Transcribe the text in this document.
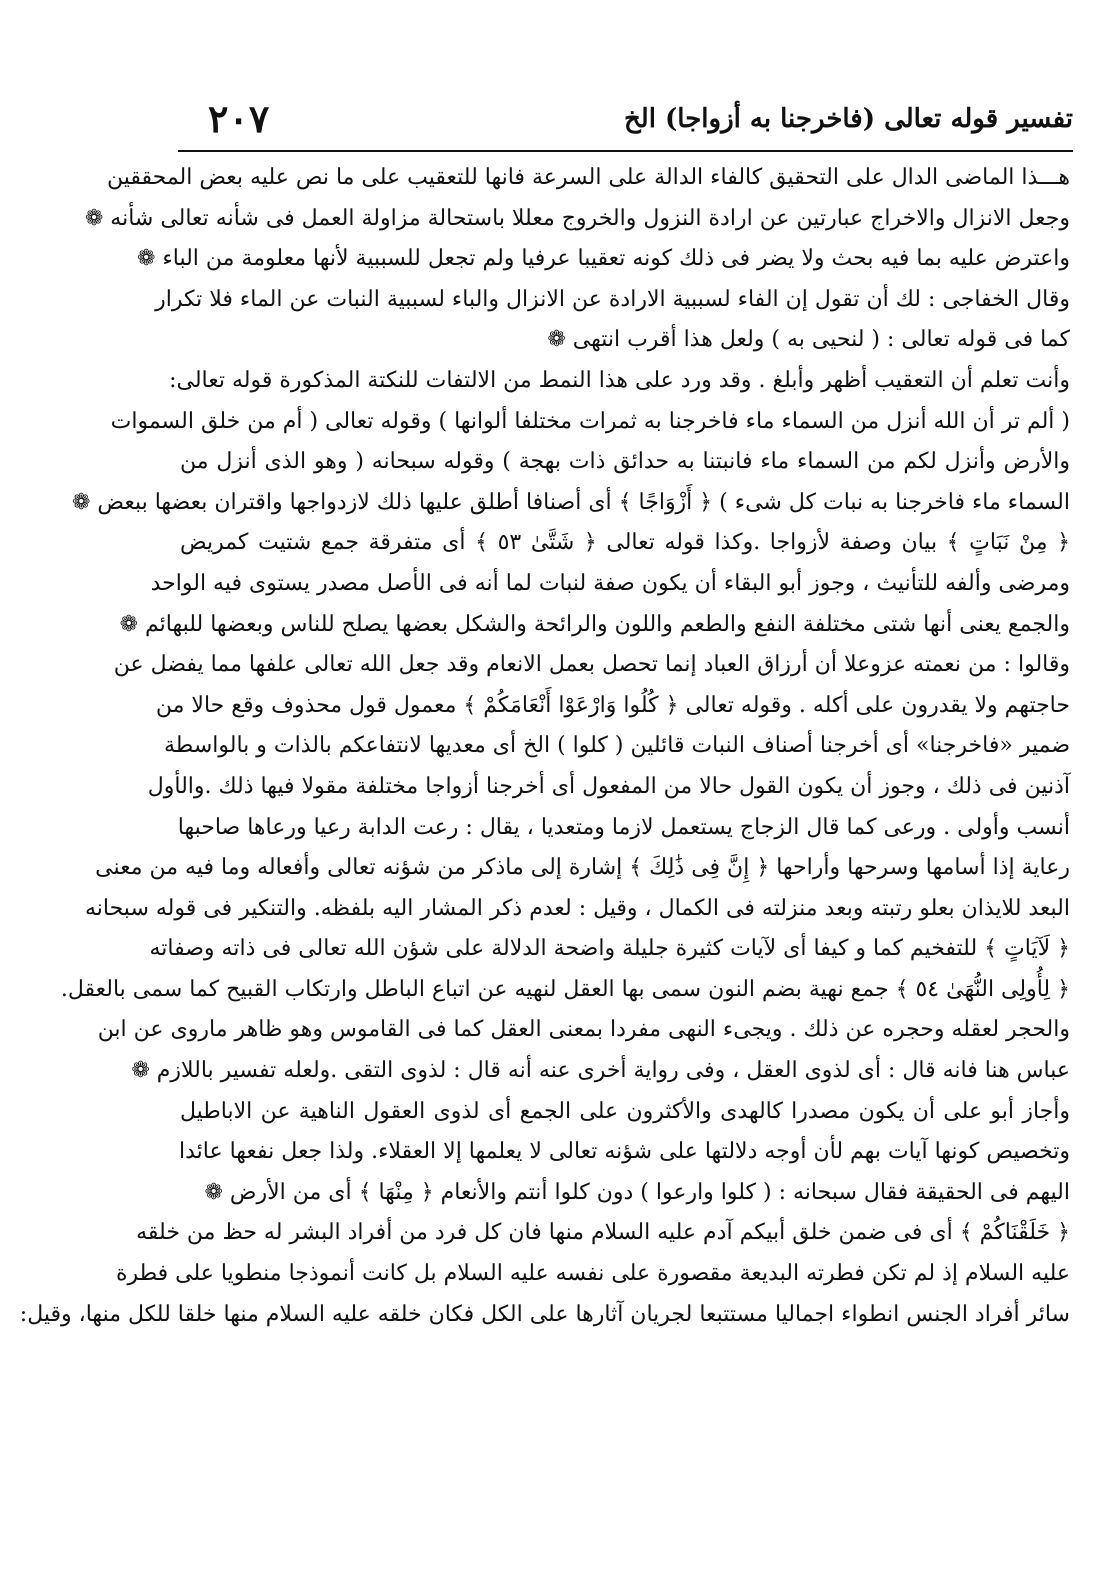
تفسير قوله تعالى (فاخرجنا به أزواجا) الخ
٢٠٧
هـــذا الماضى الدال على التحقيق كالفاء الدالة على السرعة فانها للتعقيب على ما نص عليه بعض المحققين
وجعل الانزال والاخراج عبارتين عن ارادة النزول والخروج معللا باستحالة مزاولة العمل فى شأنه تعالى شأنه ❁
واعترض عليه بما فيه بحث ولا يضر فى ذلك كونه تعقيبا عرفيا ولم تجعل للسببية لأنها معلومة من الباء ❁
وقال الخفاجى : لك أن تقول إن الفاء لسببية الارادة عن الانزال والباء لسببية النبات عن الماء فلا تكرار
كما فى قوله تعالى : ( لنحيى به ) ولعل هذا أقرب انتهى ❁
وأنت تعلم أن التعقيب أظهر وأبلغ . وقد ورد على هذا النمط من الالتفات للنكتة المذكورة قوله تعالى:
( ألم تر أن الله أنزل من السماء ماء فاخرجنا به ثمرات مختلفا ألوانها ) وقوله تعالى ( أم من خلق السموات
والأرض وأنزل لكم من السماء ماء فانبتنا به حدائق ذات بهجة ) وقوله سبحانه ( وهو الذى أنزل من
السماء ماء فاخرجنا به نبات كل شىء ) ﴿ أَزْوَاجًا ﴾ أى أصنافا أطلق عليها ذلك لازدواجها واقتران بعضها ببعض ❁
﴿ مِنْ نَبَاتٍ ﴾ بيان وصفة لأزواجا .وكذا قوله تعالى ﴿ شَتَّىٰ ٥٣ ﴾ أى متفرقة جمع شتيت كمريض
ومرضى وألفه للتأنيث ، وجوز أبو البقاء أن يكون صفة لنبات لما أنه فى الأصل مصدر يستوى فيه الواحد
والجمع يعنى أنها شتى مختلفة النفع والطعم واللون والرائحة والشكل بعضها يصلح للناس وبعضها للبهائم ❁
وقالوا : من نعمته عزوعلا أن أرزاق العباد إنما تحصل بعمل الانعام وقد جعل الله تعالى علفها مما يفضل عن
حاجتهم ولا يقدرون على أكله . وقوله تعالى ﴿ كُلُوا وَارْعَوْا أَنْعَامَكُمْ ﴾ معمول قول محذوف وقع حالا من
ضمير «فاخرجنا» أى أخرجنا أصناف النبات قائلين ( كلوا ) الخ أى معديها لانتفاعكم بالذات و بالواسطة
آذنين فى ذلك ، وجوز أن يكون القول حالا من المفعول أى أخرجنا أزواجا مختلفة مقولا فيها ذلك .والأول
أنسب وأولى . ورعى كما قال الزجاج يستعمل لازما ومتعديا ، يقال : رعت الدابة رعيا ورعاها صاحبها
رعاية إذا أسامها وسرحها وأراحها ﴿ إِنَّ فِى ذَٰلِكَ ﴾ إشارة إلى ماذكر من شؤنه تعالى وأفعاله وما فيه من معنى
البعد للايذان بعلو رتبته وبعد منزلته فى الكمال ، وقيل : لعدم ذكر المشار اليه بلفظه. والتنكير فى قوله سبحانه
﴿ لَآيَاتٍ ﴾ للتفخيم كما و كيفا أى لآيات كثيرة جليلة واضحة الدلالة على شؤن الله تعالى فى ذاته وصفاته
﴿ لِأُولِى النُّهَىٰ ٥٤ ﴾ جمع نهية بضم النون سمى بها العقل لنهيه عن اتباع الباطل وارتكاب القبيح كما سمى بالعقل.
والحجر لعقله وحجره عن ذلك . ويجىء النهى مفردا بمعنى العقل كما فى القاموس وهو ظاهر ماروى عن ابن
عباس هنا فانه قال : أى لذوى العقل ، وفى رواية أخرى عنه أنه قال : لذوى التقى .ولعله تفسير باللازم ❁
وأجاز أبو على أن يكون مصدرا كالهدى والأكثرون على الجمع أى لذوى العقول الناهية عن الاباطيل
وتخصيص كونها آيات بهم لأن أوجه دلالتها على شؤنه تعالى لا يعلمها إلا العقلاء. ولذا جعل نفعها عائدا
اليهم فى الحقيقة فقال سبحانه : ( كلوا وارعوا ) دون كلوا أنتم والأنعام ﴿ مِنْهَا ﴾ أى من الأرض ❁
﴿ خَلَقْنَاكُمْ ﴾ أى فى ضمن خلق أبيكم آدم عليه السلام منها فان كل فرد من أفراد البشر له حظ من خلقه
عليه السلام إذ لم تكن فطرته البديعة مقصورة على نفسه عليه السلام بل كانت أنموذجا منطويا على فطرة
سائر أفراد الجنس انطواء اجماليا مستتبعا لجريان آثارها على الكل فكان خلقه عليه السلام منها خلقا للكل منها، وقيل:
